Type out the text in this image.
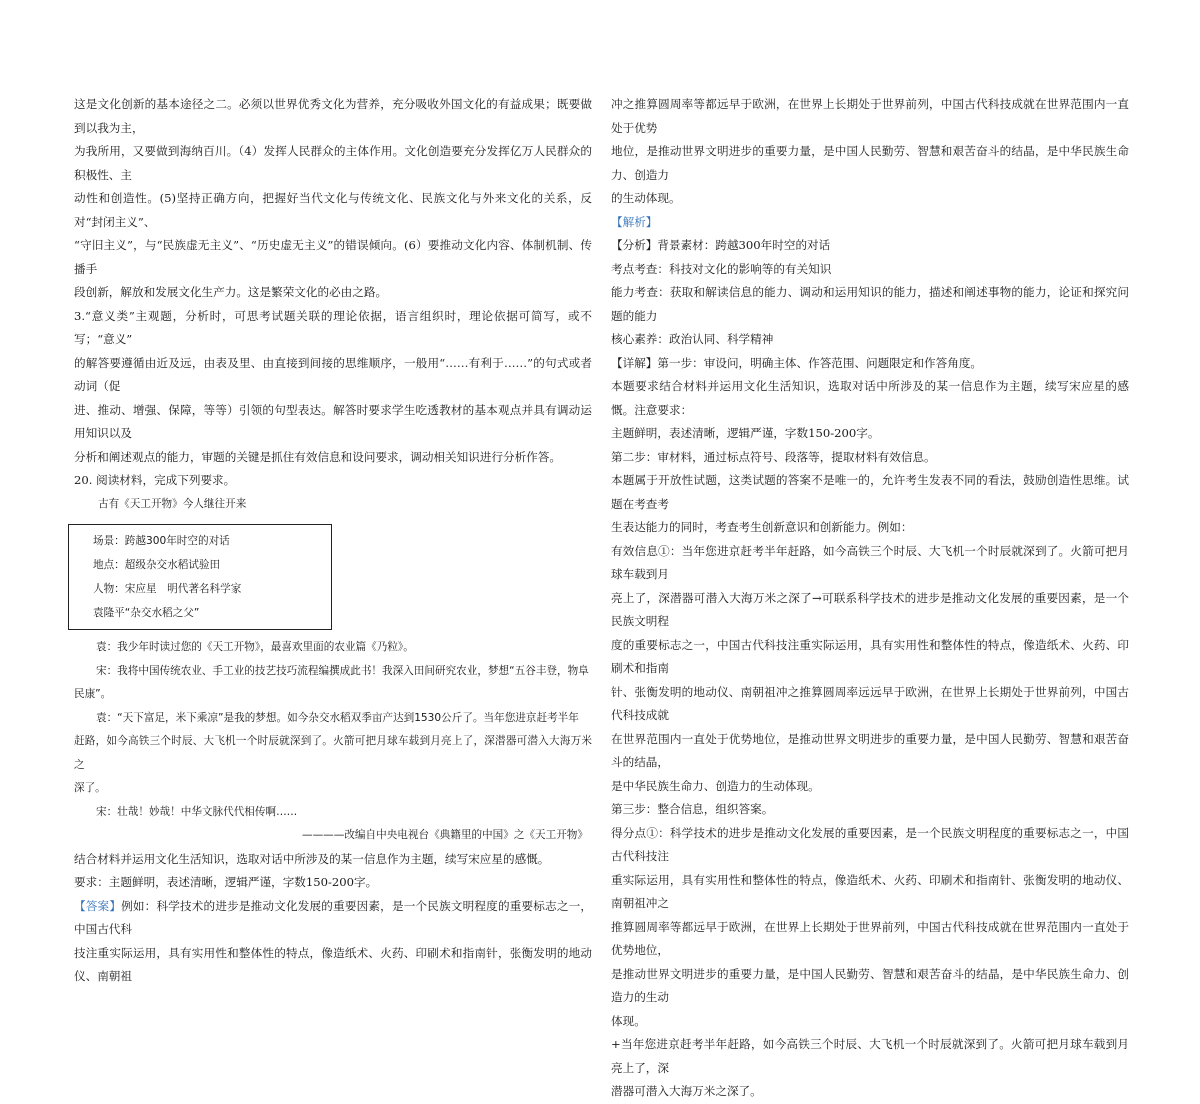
这是文化创新的基本途径之二。必须以世界优秀文化为营养，充分吸收外国文化的有益成果；既要做到以我为主，

为我所用，又要做到海纳百川。（4）发挥人民群众的主体作用。文化创造要充分发挥亿万人民群众的积极性、主

动性和创造性。(5)坚持正确方向，把握好当代文化与传统文化、民族文化与外来文化的关系，反对“封闭主义”、

“守旧主义”，与“民族虚无主义”、“历史虚无主义”的错误倾向。(6）要推动文化内容、体制机制、传播手

段创新，解放和发展文化生产力。这是繁荣文化的必由之路。

3.“意义类”主观题，分析时，可思考试题关联的理论依据，语言组织时，理论依据可简写，或不写；“意义”

的解答要遵循由近及远，由表及里、由直接到间接的思维顺序，一般用“……有利于……”的句式或者动词（促

进、推动、增强、保障，等等）引领的句型表达。解答时要求学生吃透教材的基本观点并具有调动运用知识以及

分析和阐述观点的能力，审题的关键是抓住有效信息和设问要求，调动相关知识进行分析作答。

20. 阅读材料，完成下列要求。

古有《天工开物》今人继往开来

场景：跨越300年时空的对话
地点：超级杂交水稻试验田
人物：宋应星　明代著名科学家
袁隆平“杂交水稻之父”

袁：我少年时读过您的《天工开物》，最喜欢里面的农业篇《乃粒》。

宋：我将中国传统农业、手工业的技艺技巧流程编撰成此书！我深入田间研究农业，梦想“五谷丰登，物阜

民康”。

袁：“天下富足，米下乘凉”是我的梦想。如今杂交水稻双季亩产达到1530公斤了。当年您进京赶考半年

赶路，如今高铁三个时辰、大飞机一个时辰就深到了。火箭可把月球车载到月亮上了，深潜器可潜入大海万米之

深了。

宋：壮哉！妙哉！中华文脉代代相传啊……

————改编自中央电视台《典籍里的中国》之《天工开物》

结合材料并运用文化生活知识，选取对话中所涉及的某一信息作为主题，续写宋应星的感慨。

要求：主题鲜明，表述清晰，逻辑严谨，字数150-200字。

【答案】例如：科学技术的进步是推动文化发展的重要因素，是一个民族文明程度的重要标志之一，中国古代科

技注重实际运用，具有实用性和整体性的特点，像造纸术、火药、印刷术和指南针，张衡发明的地动仪、南朝祖

冲之推算圆周率等都远早于欧洲，在世界上长期处于世界前列，中国古代科技成就在世界范围内一直处于优势

地位，是推动世界文明进步的重要力量，是中国人民勤劳、智慧和艰苦奋斗的结晶，是中华民族生命力、创造力

的生动体现。

【解析】

【分析】背景素材：跨越300年时空的对话

考点考查：科技对文化的影响等的有关知识

能力考查：获取和解读信息的能力、调动和运用知识的能力，描述和阐述事物的能力，论证和探究问题的能力

核心素养：政治认同、科学精神

【详解】第一步：审设问，明确主体、作答范围、问题限定和作答角度。

本题要求结合材料并运用文化生活知识，选取对话中所涉及的某一信息作为主题，续写宋应星的感慨。注意要求：

主题鲜明，表述清晰，逻辑严谨，字数150-200字。

第二步：审材料，通过标点符号、段落等，提取材料有效信息。

本题属于开放性试题，这类试题的答案不是唯一的，允许考生发表不同的看法，鼓励创造性思维。试题在考查考

生表达能力的同时，考查考生创新意识和创新能力。例如：

有效信息①：当年您进京赶考半年赶路，如今高铁三个时辰、大飞机一个时辰就深到了。火箭可把月球车载到月

亮上了，深潜器可潜入大海万米之深了→可联系科学技术的进步是推动文化发展的重要因素，是一个民族文明程

度的重要标志之一，中国古代科技注重实际运用，具有实用性和整体性的特点，像造纸术、火药、印刷术和指南

针、张衡发明的地动仪、南朝祖冲之推算圆周率远远早于欧洲，在世界上长期处于世界前列，中国古代科技成就

在世界范围内一直处于优势地位，是推动世界文明进步的重要力量，是中国人民勤劳、智慧和艰苦奋斗的结晶，

是中华民族生命力、创造力的生动体现。

第三步：整合信息，组织答案。

得分点①：科学技术的进步是推动文化发展的重要因素，是一个民族文明程度的重要标志之一，中国古代科技注

重实际运用，具有实用性和整体性的特点，像造纸术、火药、印刷术和指南针、张衡发明的地动仪、南朝祖冲之

推算圆周率等都远早于欧洲，在世界上长期处于世界前列，中国古代科技成就在世界范围内一直处于优势地位，

是推动世界文明进步的重要力量，是中国人民勤劳、智慧和艰苦奋斗的结晶，是中华民族生命力、创造力的生动

体现。

+当年您进京赶考半年赶路，如今高铁三个时辰、大飞机一个时辰就深到了。火箭可把月球车载到月亮上了，深

潜器可潜入大海万米之深了。
